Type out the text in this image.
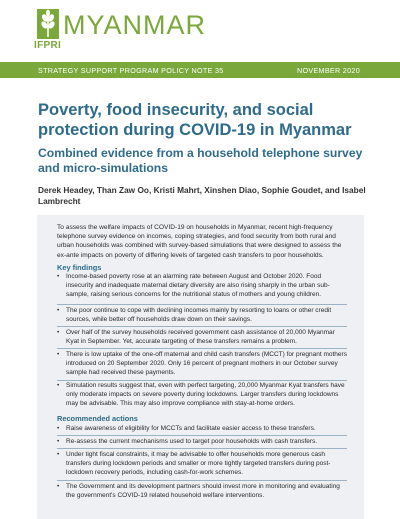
IFPRI
MYANMAR
STRATEGY SUPPORT PROGRAM POLICY NOTE 35	NOVEMBER 2020
Poverty, food insecurity, and social protection during COVID-19 in Myanmar
Combined evidence from a household telephone survey and micro-simulations
Derek Headey, Than Zaw Oo, Kristi Mahrt, Xinshen Diao, Sophie Goudet, and Isabel Lambrecht
To assess the welfare impacts of COVID-19 on households in Myanmar, recent high-frequency telephone survey evidence on incomes, coping strategies, and food security from both rural and urban households was combined with survey-based simulations that were designed to assess the ex-ante impacts on poverty of differing levels of targeted cash transfers to poor households.
Key findings
• Income-based poverty rose at an alarming rate between August and October 2020. Food insecurity and inadequate maternal dietary diversity are also rising sharply in the urban sub-sample, raising serious concerns for the nutritional status of mothers and young children.
• The poor continue to cope with declining incomes mainly by resorting to loans or other credit sources, while better off households draw down on their savings.
• Over half of the survey households received government cash assistance of 20,000 Myanmar Kyat in September. Yet, accurate targeting of these transfers remains a problem.
• There is low uptake of the one-off maternal and child cash transfers (MCCT) for pregnant mothers introduced on 20 September 2020. Only 16 percent of pregnant mothers in our October survey sample had received these payments.
• Simulation results suggest that, even with perfect targeting, 20,000 Myanmar Kyat transfers have only moderate impacts on severe poverty during lockdowns. Larger transfers during lockdowns may be advisable. This may also improve compliance with stay-at-home orders.
Recommended actions
• Raise awareness of eligibility for MCCTs and facilitate easier access to these transfers.
• Re-assess the current mechanisms used to target poor households with cash transfers.
• Under tight fiscal constraints, it may be advisable to offer households more generous cash transfers during lockdown periods and smaller or more tightly targeted transfers during post-lockdown recovery periods, including cash-for-work schemes.
• The Government and its development partners should invest more in monitoring and evaluating the government's COVID-19 related household welfare interventions.
